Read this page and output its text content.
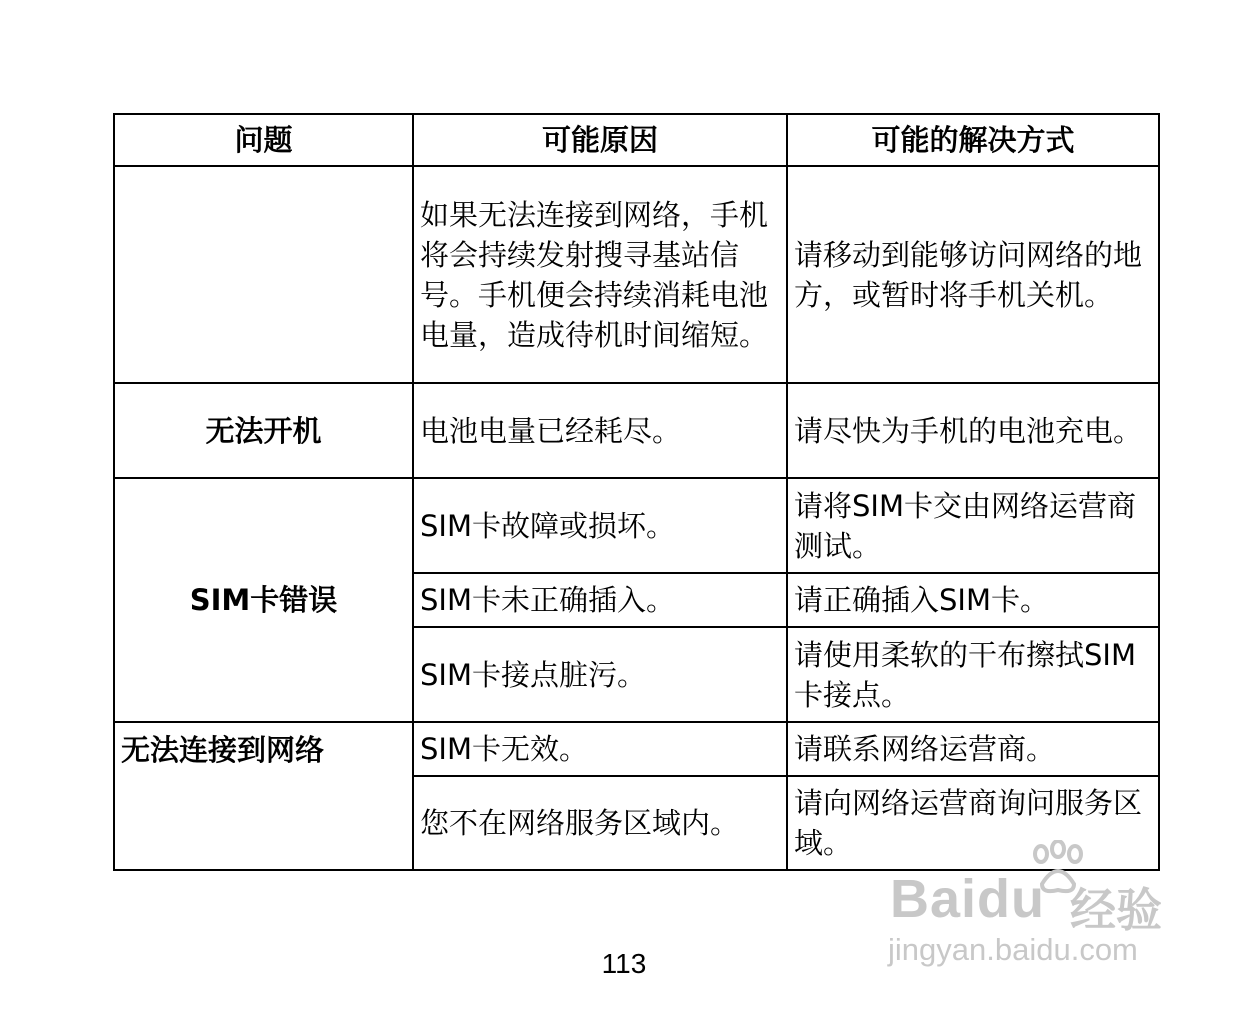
问题	可能原因	可能的解决方式
	如果无法连接到网络，手机将会持续发射搜寻基站信号。手机便会持续消耗电池电量，造成待机时间缩短。	请移动到能够访问网络的地方，或暂时将手机关机。
无法开机	电池电量已经耗尽。	请尽快为手机的电池充电。
SIM卡错误	SIM卡故障或损坏。	请将SIM卡交由网络运营商测试。
	SIM卡未正确插入。	请正确插入SIM卡。
	SIM卡接点脏污。	请使用柔软的干布擦拭SIM卡接点。
无法连接到网络	SIM卡无效。	请联系网络运营商。
	您不在网络服务区域内。	请向网络运营商询问服务区域。
113
Baidu 经验
jingyan.baidu.com
